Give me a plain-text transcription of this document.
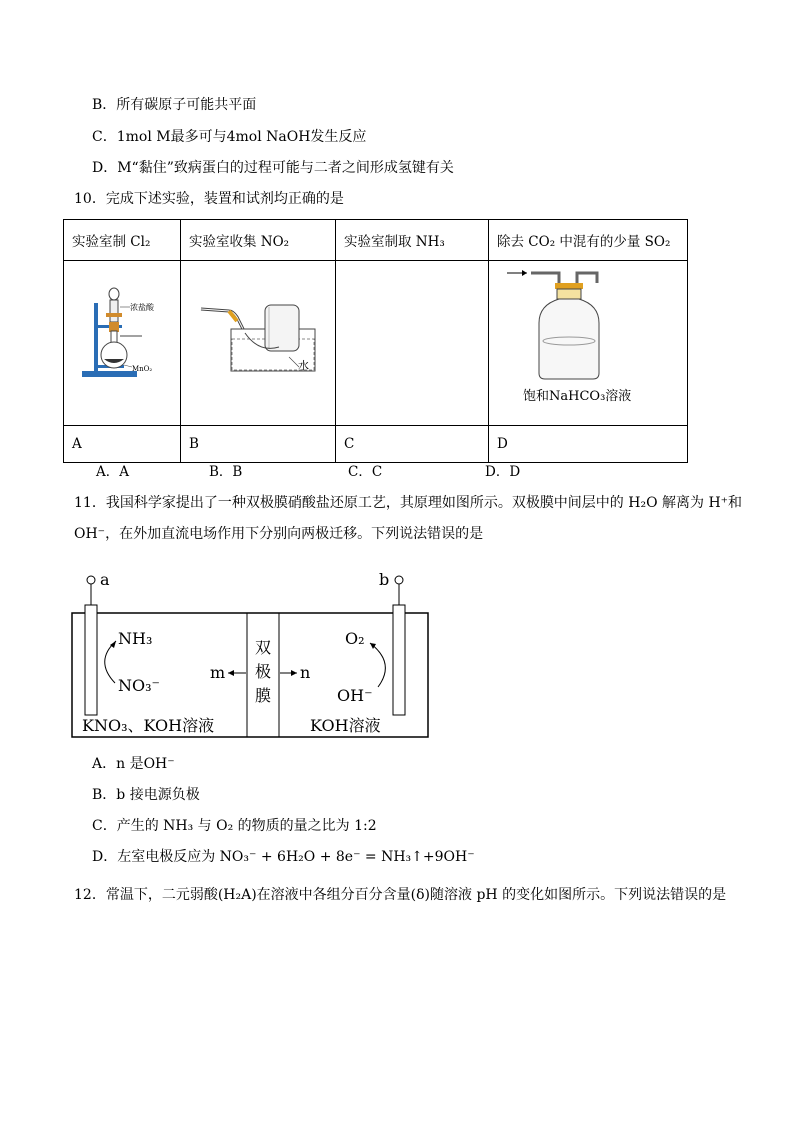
B．所有碳原子可能共平面
C．1mol M最多可与4mol NaOH发生反应
D．M“黏住”致病蛋白的过程可能与二者之间形成氢键有关
10．完成下述实验，装置和试剂均正确的是
实验室制 Cl₂	实验室收集 NO₂	实验室制取 NH₃	除去 CO₂ 中混有的少量 SO₂

浓盐酸
MnO₂	水		饱和NaHCO₃溶液

A	B	C	D
A．A	B．B	C．C	D．D
11．我国科学家提出了一种双极膜硝酸盐还原工艺，其原理如图所示。双极膜中间层中的 H₂O 解离为 H⁺和
OH⁻，在外加直流电场作用下分别向两极迁移。下列说法错误的是
a	b
NH₃
NO₃⁻
O₂
OH⁻
双
极
膜
m	n
KNO₃、KOH溶液	KOH溶液
A．n 是OH⁻
B．b 接电源负极
C．产生的 NH₃ 与 O₂ 的物质的量之比为 1:2
D．左室电极反应为 NO₃⁻ + 6H₂O + 8e⁻ = NH₃↑+9OH⁻
12．常温下，二元弱酸(H₂A)在溶液中各组分百分含量(δ)随溶液 pH 的变化如图所示。下列说法错误的是
